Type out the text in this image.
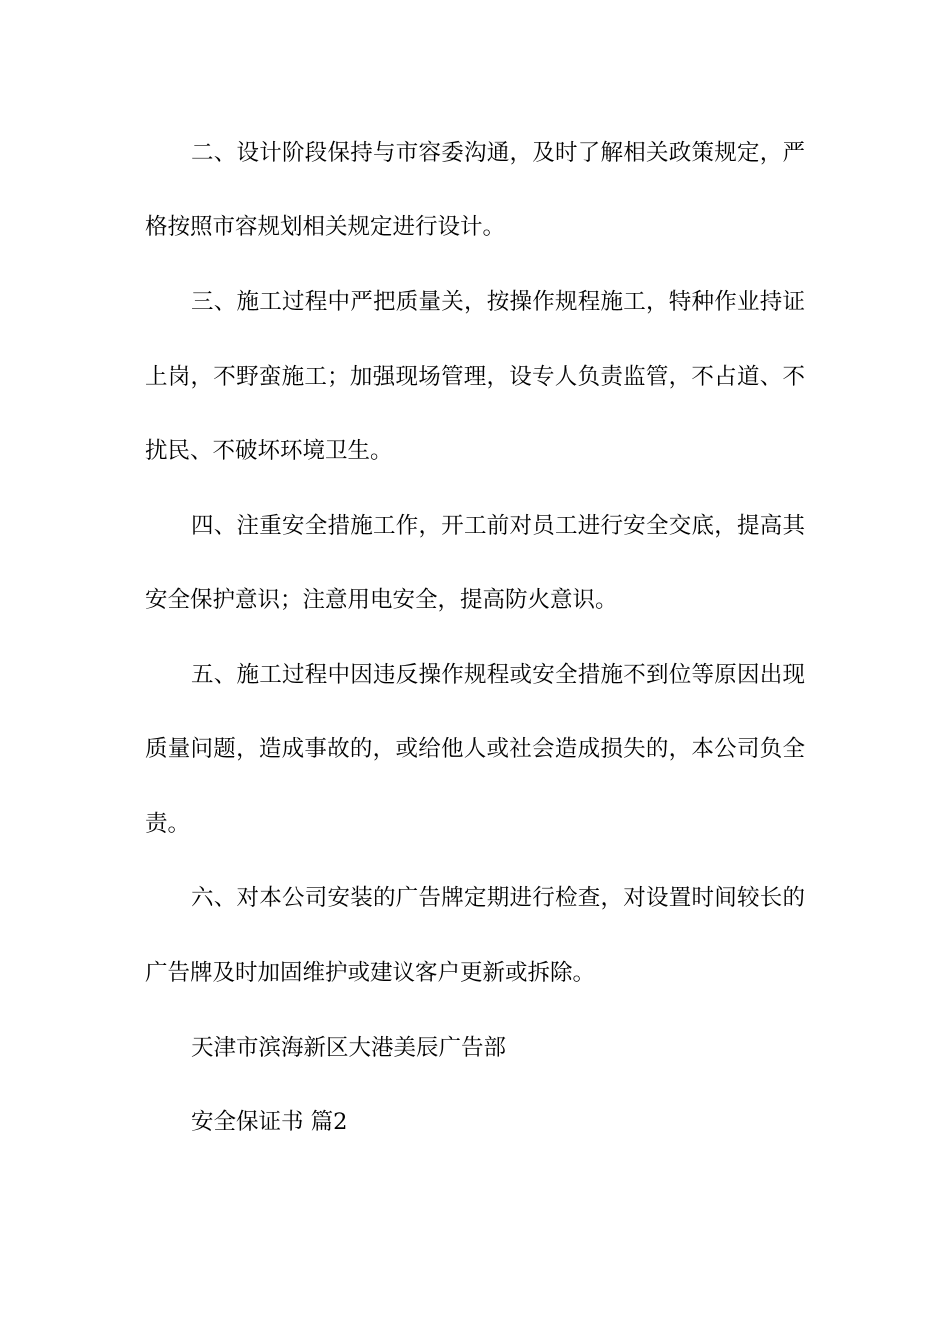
二、设计阶段保持与市容委沟通，及时了解相关政策规定，严
格按照市容规划相关规定进行设计。
三、施工过程中严把质量关，按操作规程施工，特种作业持证
上岗，不野蛮施工；加强现场管理，设专人负责监管，不占道、不
扰民、不破坏环境卫生。
四、注重安全措施工作，开工前对员工进行安全交底，提高其
安全保护意识；注意用电安全，提高防火意识。
五、施工过程中因违反操作规程或安全措施不到位等原因出现
质量问题，造成事故的，或给他人或社会造成损失的，本公司负全
责。
六、对本公司安装的广告牌定期进行检查，对设置时间较长的
广告牌及时加固维护或建议客户更新或拆除。
天津市滨海新区大港美辰广告部
安全保证书 篇2
